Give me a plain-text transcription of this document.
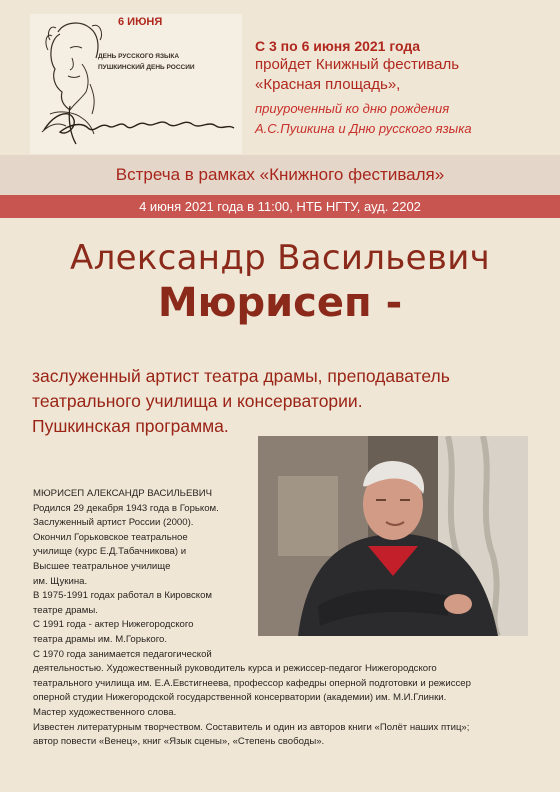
6 ИЮНЯ
ДЕНЬ РУССКОГО ЯЗЫКА
ПУШКИНСКИЙ ДЕНЬ РОССИИ
С 3 по 6 июня 2021 года
пройдет Книжный фестиваль
«Красная площадь»,
приуроченный ко дню рождения
А.С.Пушкина и Дню русского языка
Встреча в рамках «Книжного фестиваля»
4 июня 2021 года в 11:00, НТБ НГТУ, ауд. 2202
Александр Васильевич
Мюрисеп -
заслуженный артист театра драмы, преподаватель
театрального училища и консерватории.
Пушкинская программа.
МЮРИСЕП АЛЕКСАНДР ВАСИЛЬЕВИЧ
Родился 29 декабря 1943 года в Горьком.
Заслуженный артист России (2000).
Окончил Горьковское театральное
училище (курс Е.Д.Табачникова) и
Высшее театральное училище
им. Щукина.
В 1975-1991 годах работал в Кировском
театре драмы.
С 1991 года - актер Нижегородского
театра драмы им. М.Горького.
С 1970 года занимается педагогической
деятельностью. Художественный руководитель курса и режиссер-педагог Нижегородского
театрального училища им. Е.А.Евстигнеева, профессор кафедры оперной подготовки и режиссер
оперной студии Нижегородской государственной консерватории (академии) им. М.И.Глинки.
Мастер художественного слова.
Известен литературным творчеством. Составитель и один из авторов книги «Полёт наших птиц»;
автор повести «Венец», книг «Язык сцены», «Степень свободы».
